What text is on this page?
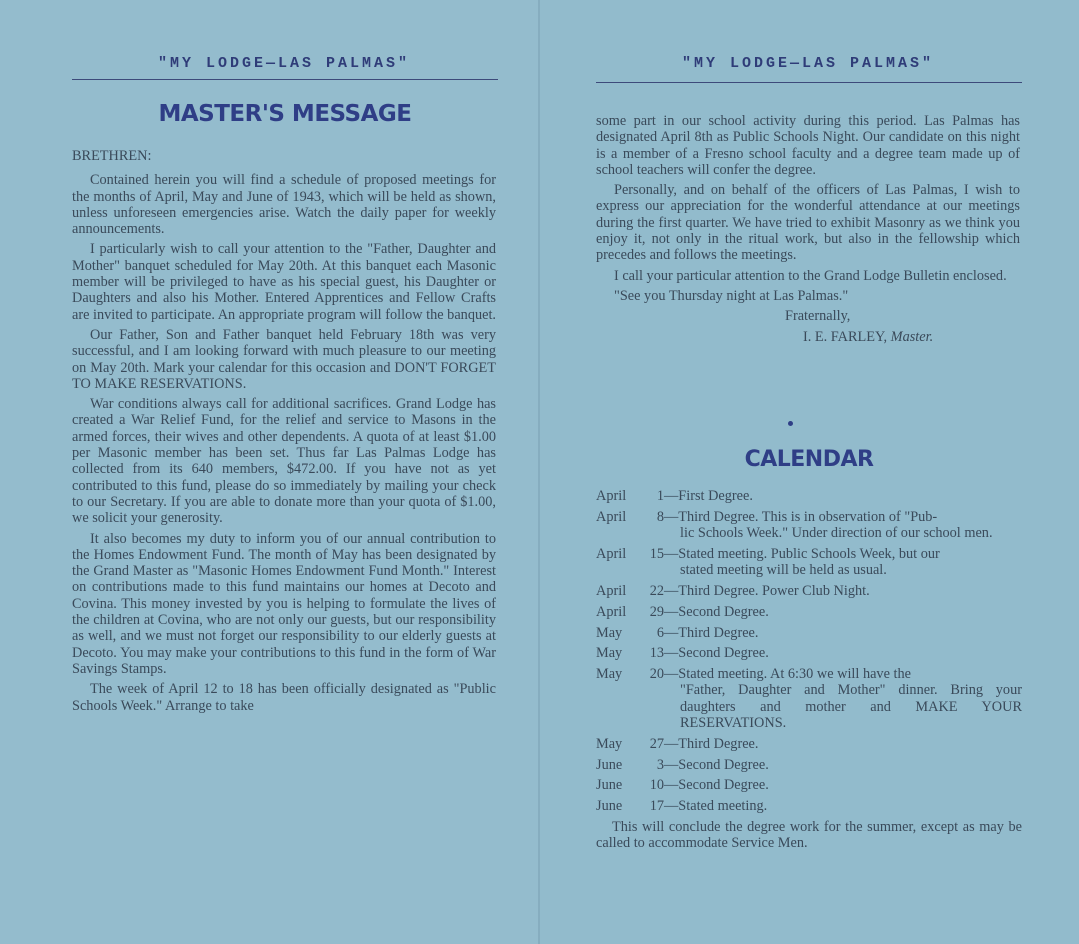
"MY LODGE—LAS PALMAS"
MASTER'S MESSAGE

BRETHREN:

Contained herein you will find a schedule of proposed meetings for the months of April, May and June of 1943, which will be held as shown, unless unforeseen emergencies arise. Watch the daily paper for weekly announcements.

I particularly wish to call your attention to the "Father, Daughter and Mother" banquet scheduled for May 20th. At this banquet each Masonic member will be privileged to have as his special guest, his Daughter or Daughters and also his Mother. Entered Apprentices and Fellow Crafts are invited to participate. An appropriate program will follow the banquet.

Our Father, Son and Father banquet held February 18th was very successful, and I am looking forward with much pleasure to our meeting on May 20th. Mark your calendar for this occasion and DON'T FORGET TO MAKE RESERVATIONS.

War conditions always call for additional sacrifices. Grand Lodge has created a War Relief Fund, for the relief and service to Masons in the armed forces, their wives and other dependents. A quota of at least $1.00 per Masonic member has been set. Thus far Las Palmas Lodge has collected from its 640 members, $472.00. If you have not as yet contributed to this fund, please do so immediately by mailing your check to our Secretary. If you are able to donate more than your quota of $1.00, we solicit your generosity.

It also becomes my duty to inform you of our annual contribution to the Homes Endowment Fund. The month of May has been designated by the Grand Master as "Masonic Homes Endowment Fund Month." Interest on contributions made to this fund maintains our homes at Decoto and Covina. This money invested by you is helping to formulate the lives of the children at Covina, who are not only our guests, but our responsibility as well, and we must not forget our responsibility to our elderly guests at Decoto. You may make your contributions to this fund in the form of War Savings Stamps.

The week of April 12 to 18 has been officially designated as "Public Schools Week." Arrange to take

"MY LODGE—LAS PALMAS"

some part in our school activity during this period. Las Palmas has designated April 8th as Public Schools Night. Our candidate on this night is a member of a Fresno school faculty and a degree team made up of school teachers will confer the degree.

Personally, and on behalf of the officers of Las Palmas, I wish to express our appreciation for the wonderful attendance at our meetings during the first quarter. We have tried to exhibit Masonry as we think you enjoy it, not only in the ritual work, but also in the fellowship which precedes and follows the meetings.

I call your particular attention to the Grand Lodge Bulletin enclosed.

"See you Thursday night at Las Palmas."

Fraternally,
I. E. FARLEY, Master.
CALENDAR
April	1 —First Degree.
April	8 —Third Degree. This is in observation of "Pub-
lic Schools Week." Under direction of our school men.
April	15 —Stated meeting. Public Schools Week, but our
stated meeting will be held as usual.
April	22 —Third Degree. Power Club Night.
April	29 —Second Degree.
May	6 —Third Degree.
May	13 —Second Degree.
May	20 —Stated meeting. At 6:30 we will have the
"Father, Daughter and Mother" dinner. Bring your daughters and mother and MAKE YOUR RESERVATIONS.
May	27 —Third Degree.
June	3 —Second Degree.
June	10 —Second Degree.
June	17 —Stated meeting.

This will conclude the degree work for the summer, except as may be called to accommodate Service Men.
